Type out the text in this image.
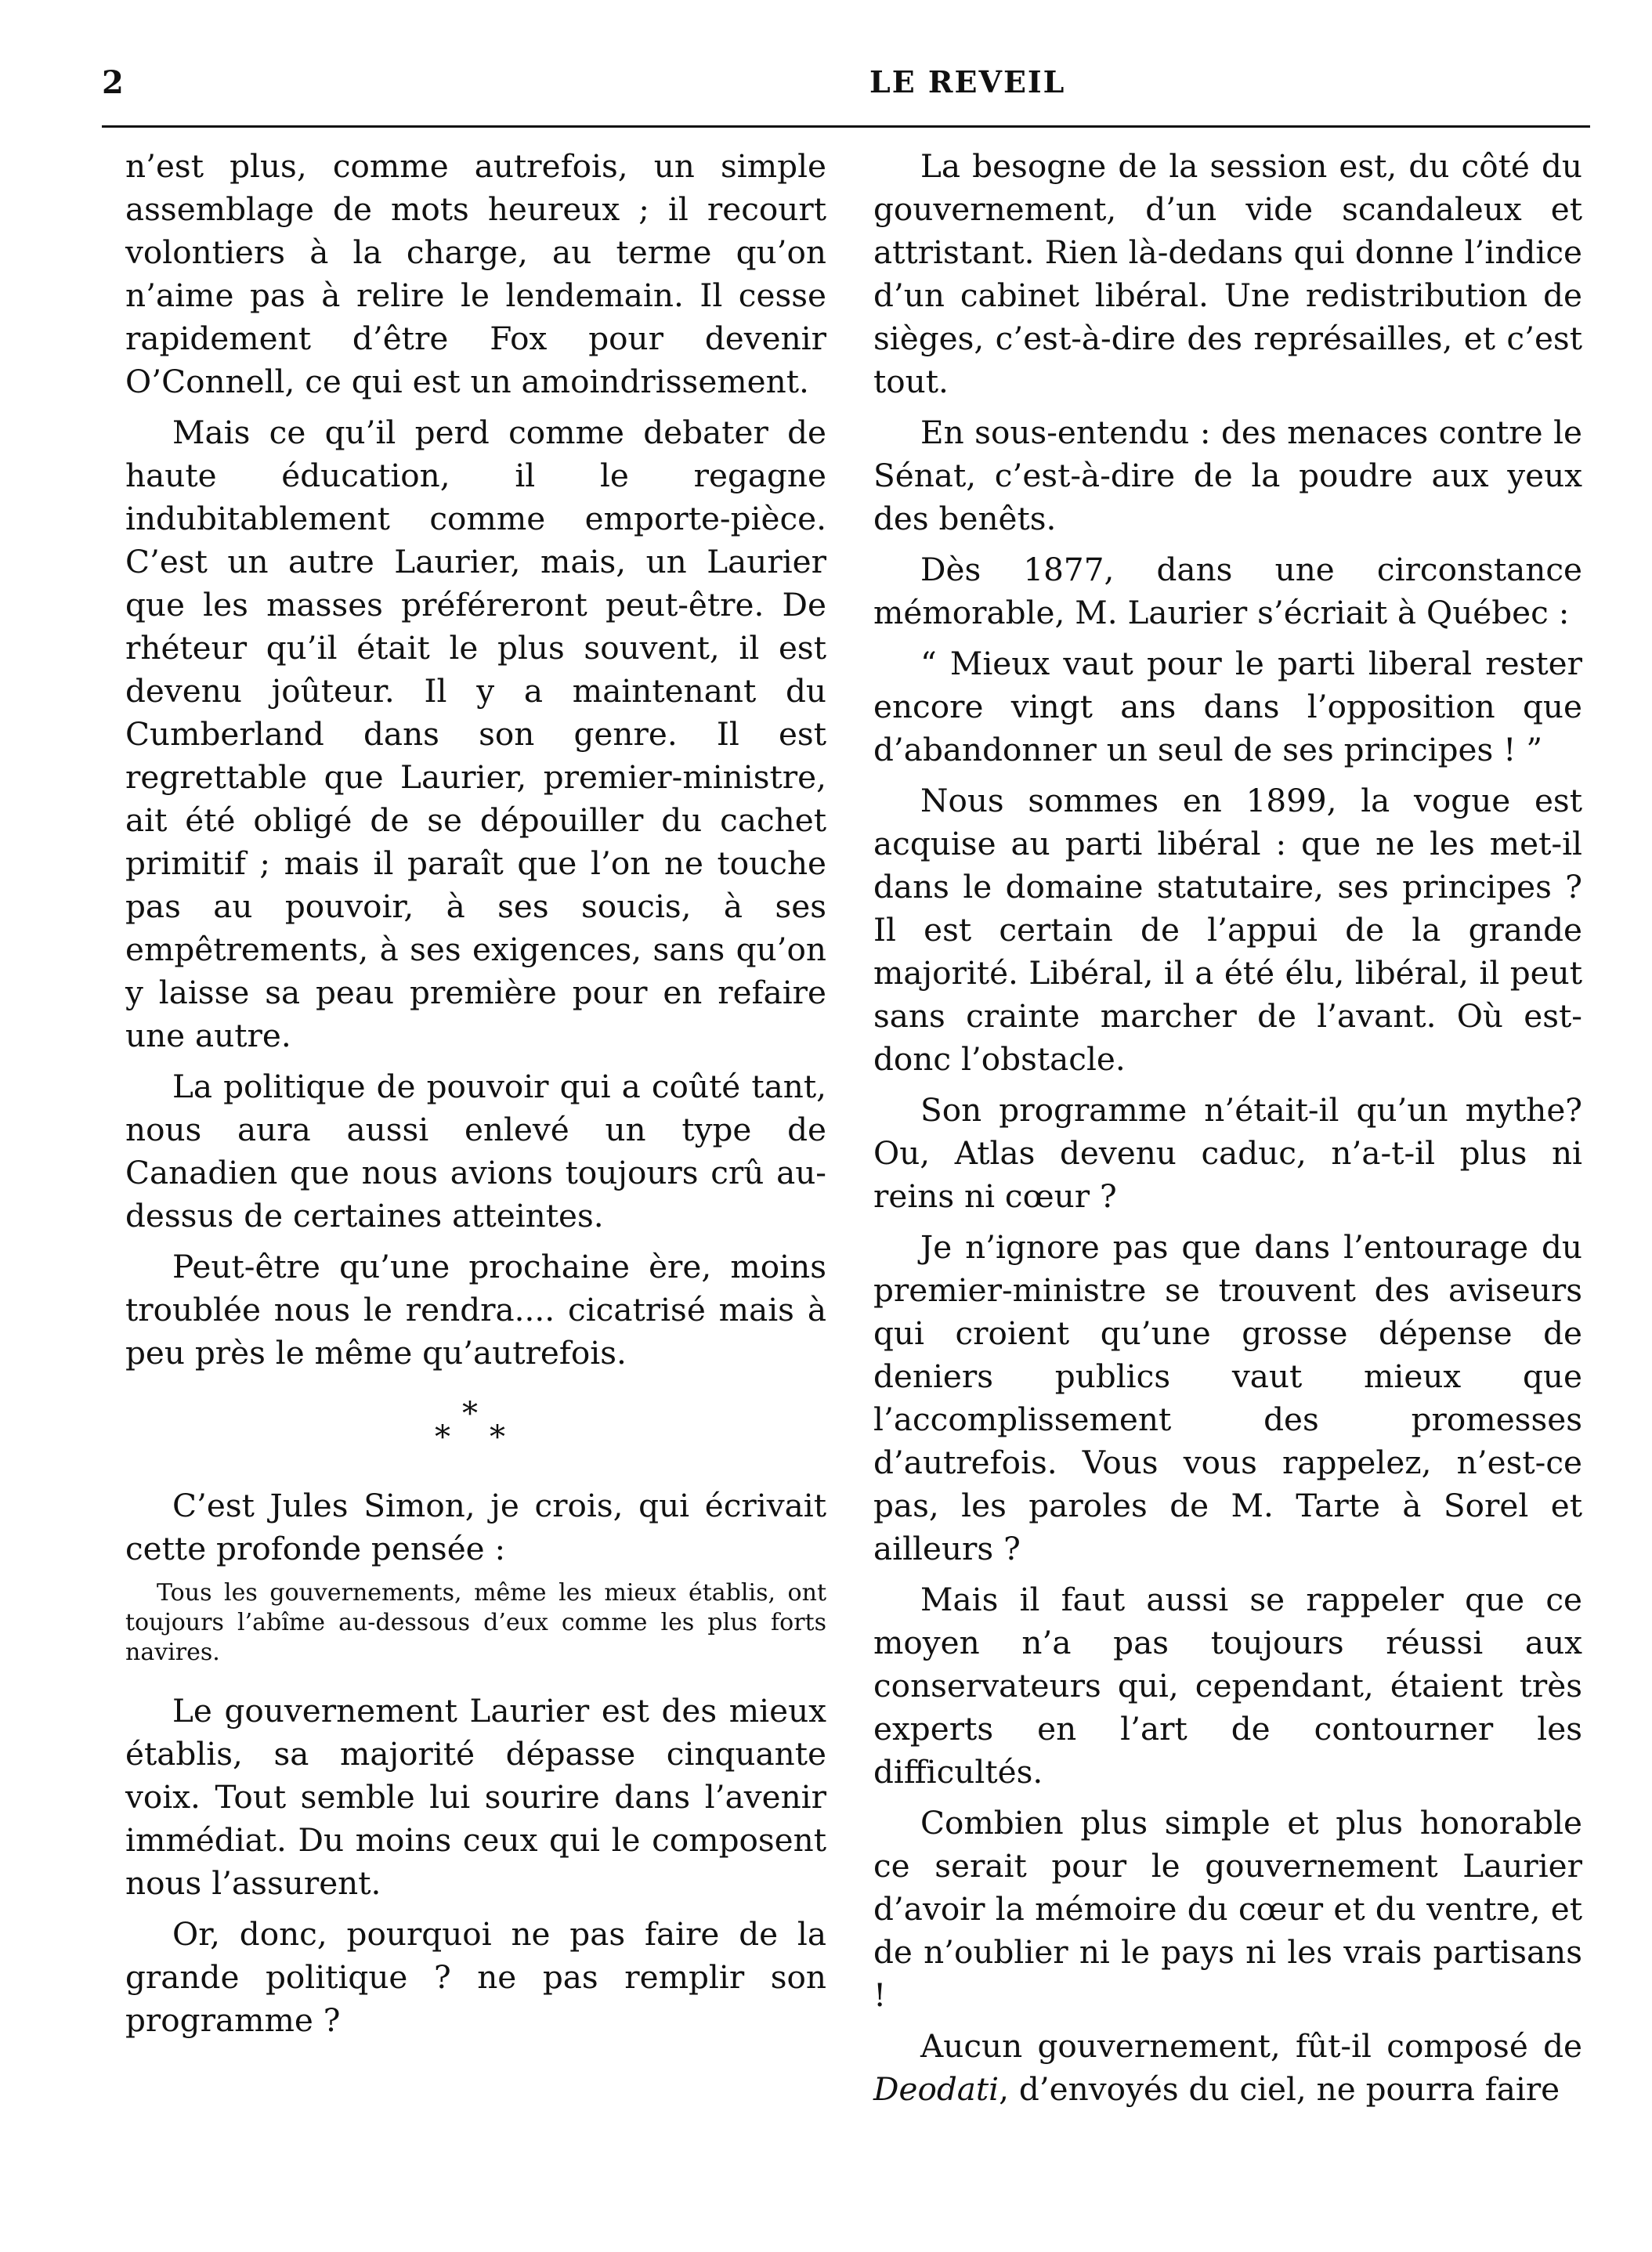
2	LE REVEIL

n’est plus, comme autrefois, un simple assemblage de mots heureux ; il recourt volontiers à la charge, au terme qu’on n’aime pas à relire le lendemain. Il cesse rapidement d’être Fox pour devenir O’Connell, ce qui est un amoindrissement.

Mais ce qu’il perd comme debater de haute éducation, il le regagne indubitablement comme emporte-pièce. C’est un autre Laurier, mais, un Laurier que les masses préféreront peut-être. De rhéteur qu’il était le plus souvent, il est devenu joûteur. Il y a maintenant du Cumberland dans son genre. Il est regrettable que Laurier, premier-ministre, ait été obligé de se dépouiller du cachet primitif ; mais il paraît que l’on ne touche pas au pouvoir, à ses soucis, à ses empêtrements, à ses exigences, sans qu’on y laisse sa peau première pour en refaire une autre.

La politique de pouvoir qui a coûté tant, nous aura aussi enlevé un type de Canadien que nous avions toujours crû au-dessus de certaines atteintes.

Peut-être qu’une prochaine ère, moins troublée nous le rendra.... cicatrisé mais à peu près le même qu’autrefois.

*
* *

C’est Jules Simon, je crois, qui écrivait cette profonde pensée :

Tous les gouvernements, même les mieux établis, ont toujours l’abîme au-dessous d’eux comme les plus forts navires.

Le gouvernement Laurier est des mieux établis, sa majorité dépasse cinquante voix. Tout semble lui sourire dans l’avenir immédiat. Du moins ceux qui le composent nous l’assurent.

Or, donc, pourquoi ne pas faire de la grande politique ? ne pas remplir son programme ?

La besogne de la session est, du côté du gouvernement, d’un vide scandaleux et attristant. Rien là-dedans qui donne l’indice d’un cabinet libéral. Une redistribution de sièges, c’est-à-dire des représailles, et c’est tout.

En sous-entendu : des menaces contre le Sénat, c’est-à-dire de la poudre aux yeux des benêts.

Dès 1877, dans une circonstance mémorable, M. Laurier s’écriait à Québec :

“ Mieux vaut pour le parti liberal rester encore vingt ans dans l’opposition que d’abandonner un seul de ses principes ! ”

Nous sommes en 1899, la vogue est acquise au parti libéral : que ne les met-il dans le domaine statutaire, ses principes ? Il est certain de l’appui de la grande majorité. Libéral, il a été élu, libéral, il peut sans crainte marcher de l’avant. Où est-donc l’obstacle.

Son programme n’était-il qu’un mythe? Ou, Atlas devenu caduc, n’a-t-il plus ni reins ni cœur ?

Je n’ignore pas que dans l’entourage du premier-ministre se trouvent des aviseurs qui croient qu’une grosse dépense de deniers publics vaut mieux que l’accomplissement des promesses d’autrefois. Vous vous rappelez, n’est-ce pas, les paroles de M. Tarte à Sorel et ailleurs ?

Mais il faut aussi se rappeler que ce moyen n’a pas toujours réussi aux conservateurs qui, cependant, étaient très experts en l’art de contourner les difficultés.

Combien plus simple et plus honorable ce serait pour le gouvernement Laurier d’avoir la mémoire du cœur et du ventre, et de n’oublier ni le pays ni les vrais partisans !

Aucun gouvernement, fût-il composé de Deodati, d’envoyés du ciel, ne pourra faire
